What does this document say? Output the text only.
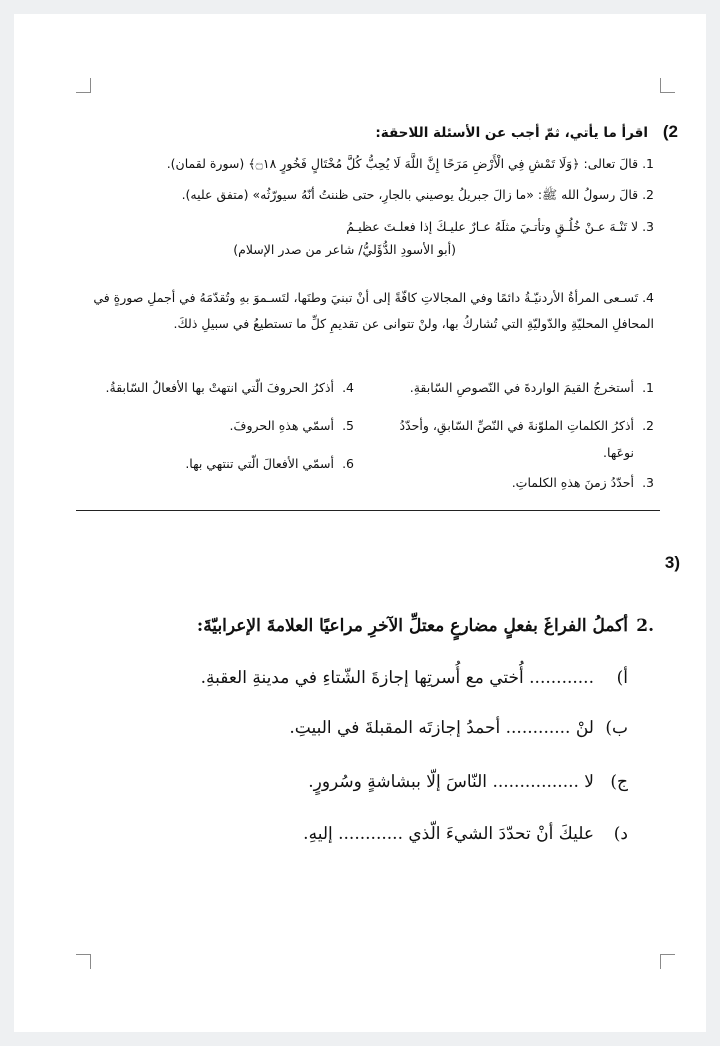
2)
اقرأ ما يأتي، ثمّ أجب عن الأسئلة اللاحقة:
1. قالَ تعالى: ﴿وَلَا تَمْشِ فِي الْأَرْضِ مَرَحًا إِنَّ اللَّهَ لَا يُحِبُّ كُلَّ مُخْتَالٍ فَخُورٍ ۝١٨﴾ (سورة لقمان).
2. قالَ رسولُ الله ﷺ: «ما زالَ جبريلُ يوصيني بالجارِ، حتى ظننتُ أنّهُ سيورّثُه» (متفق عليه).
3. لا تَنْـهَ عـنْ خُلُـقٍ وتأتـيَ مثلَهُ عـارٌ عليـكَ إذا فعلـتَ عظيـمُ
(أبو الأسودِ الدُّؤَليُّ/ شاعر من صدر الإسلام)
4. تَسـعى المرأةُ الأردنيّـةُ دائمًا وفي المجالاتِ كافّةً إلى أنْ تبنيَ وطنَها، لتَسـموَ بهِ وتُقدّمَهُ في أجملِ صورةٍ في
المحافلِ المحليّةِ والدّوليّةِ التي تُشاركُ بها، ولنْ تتوانى عن تقديمِ كلِّ ما تستطيعُ في سبيلِ ذلكَ.
1.
أستخرجُ القيمَ الواردةَ في النّصوصِ السّابقةِ.
2.
أذكرُ الكلماتِ الملوّنةَ في النّصِّ السّابقِ، وأحدّدُ
نوعَها.
3.
أحدّدُ زمنَ هذهِ الكلماتِ.
4.
أذكرُ الحروفَ الّتي انتهتْ بها الأفعالُ السّابقةُ.
5.
أسمّي هذهِ الحروفَ.
6.
أسمّي الأفعالَ الّتي تنتهي بها.
(3
.2
أكملُ الفراغَ بفعلٍ مضارعٍ معتلِّ الآخرِ مراعيًا العلامةَ الإعرابيّةَ:
أ)
............ أُختي مع أُسرتِها إجازةَ الشّتاءِ في مدينةِ العقبةِ.
ب)
لنْ ............ أحمدُ إجازتَه المقبلةَ في البيتِ.
ج)
لا ................ النّاسَ إلّا ببشاشةٍ وسُرورٍ.
د)
عليكَ أنْ تحدّدَ الشيءَ الّذي ............ إليهِ.
